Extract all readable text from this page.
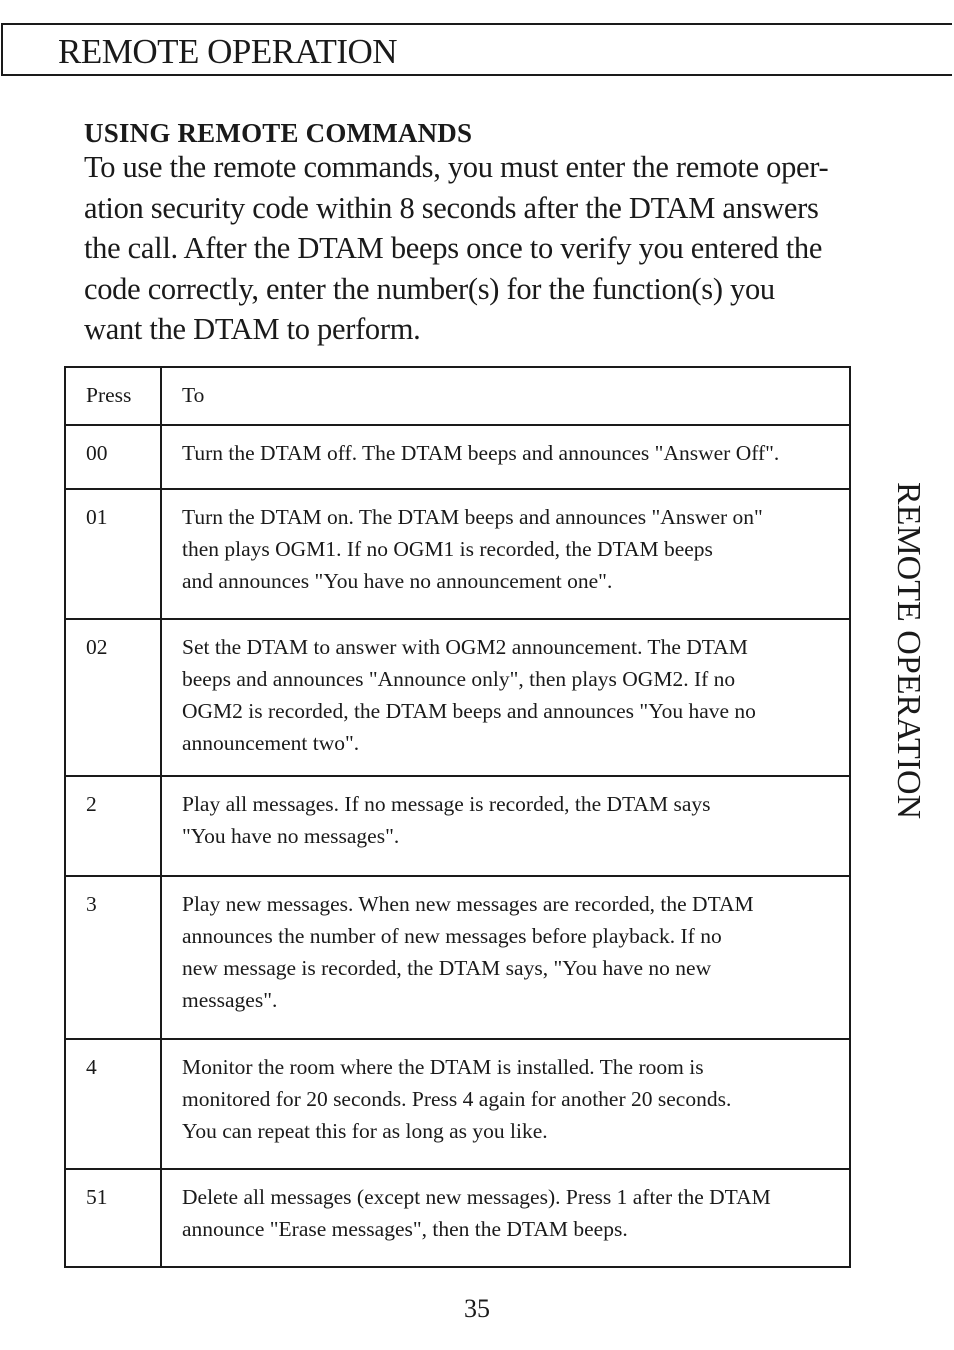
REMOTE OPERATION
USING REMOTE COMMANDS

To use the remote commands, you must enter the remote oper-

ation security code within 8 seconds after the DTAM answers

the call. After the DTAM beeps once to verify you entered the

code correctly, enter the number(s) for the function(s) you

want the DTAM to perform.

Press	To
00	Turn the DTAM off. The DTAM beeps and announces "Answer Off".

01	Turn the DTAM on. The DTAM beeps and announces "Answer on"
then plays OGM1. If no OGM1 is recorded, the DTAM beeps
and announces "You have no announcement one".

02	Set the DTAM to answer with OGM2 announcement. The DTAM
beeps and announces "Announce only", then plays OGM2. If no
OGM2 is recorded, the DTAM beeps and announces "You have no
announcement two".

2	Play all messages. If no message is recorded, the DTAM says
"You have no messages".

3	Play new messages. When new messages are recorded, the DTAM
announces the number of new messages before playback. If no
new message is recorded, the DTAM says, "You have no new
messages".

4	Monitor the room where the DTAM is installed. The room is
monitored for 20 seconds. Press 4 again for another 20 seconds.
You can repeat this for as long as you like.

51	Delete all messages (except new messages). Press 1 after the DTAM
announce "Erase messages", then the DTAM beeps.
REMOTE OPERATION
35
